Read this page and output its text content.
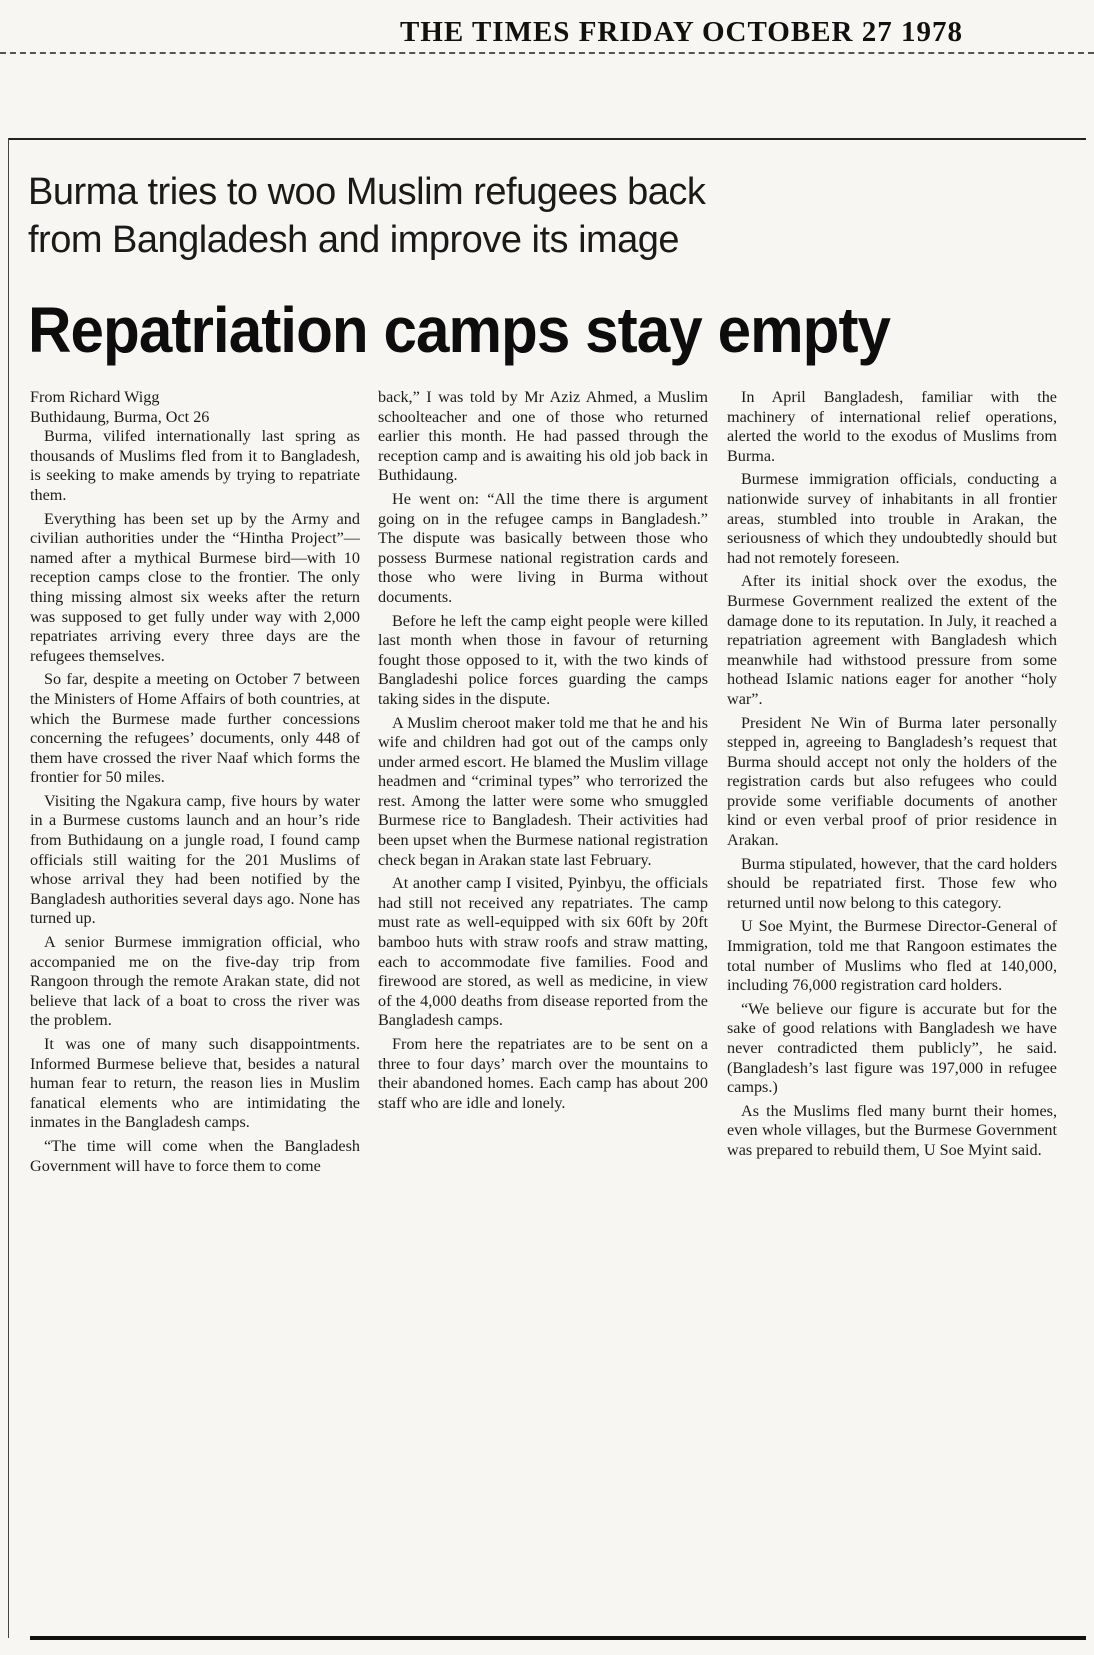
THE TIMES FRIDAY OCTOBER 27 1978
Burma tries to woo Muslim refugees back
from Bangladesh and improve its image
Repatriation camps stay empty
From Richard Wigg
Buthidaung, Burma, Oct 26

Burma, vilifed internationally last spring as thousands of Muslims fled from it to Bangladesh, is seeking to make amends by trying to repatriate them.

Everything has been set up by the Army and civilian authorities under the “Hintha Project”—named after a mythical Burmese bird—with 10 reception camps close to the frontier. The only thing missing almost six weeks after the return was supposed to get fully under way with 2,000 repatriates arriving every three days are the refugees themselves.

So far, despite a meeting on October 7 between the Ministers of Home Affairs of both countries, at which the Burmese made further concessions concerning the refugees’ documents, only 448 of them have crossed the river Naaf which forms the frontier for 50 miles.

Visiting the Ngakura camp, five hours by water in a Burmese customs launch and an hour’s ride from Buthidaung on a jungle road, I found camp officials still waiting for the 201 Muslims of whose arrival they had been notified by the Bangladesh authorities several days ago. None has turned up.

A senior Burmese immigration official, who accompanied me on the five-day trip from Rangoon through the remote Arakan state, did not believe that lack of a boat to cross the river was the problem.

It was one of many such disappointments. Informed Burmese believe that, besides a natural human fear to return, the reason lies in Muslim fanatical elements who are intimidating the inmates in the Bangladesh camps.

“The time will come when the Bangladesh Government will have to force them to come

back,” I was told by Mr Aziz Ahmed, a Muslim schoolteacher and one of those who returned earlier this month. He had passed through the reception camp and is awaiting his old job back in Buthidaung.

He went on: “All the time there is argument going on in the refugee camps in Bangladesh.” The dispute was basically between those who possess Burmese national registration cards and those who were living in Burma without documents.

Before he left the camp eight people were killed last month when those in favour of returning fought those opposed to it, with the two kinds of Bangladeshi police forces guarding the camps taking sides in the dispute.

A Muslim cheroot maker told me that he and his wife and children had got out of the camps only under armed escort. He blamed the Muslim village headmen and “criminal types” who terrorized the rest. Among the latter were some who smuggled Burmese rice to Bangladesh. Their activities had been upset when the Burmese national registration check began in Arakan state last February.

At another camp I visited, Pyinbyu, the officials had still not received any repatriates. The camp must rate as well-equipped with six 60ft by 20ft bamboo huts with straw roofs and straw matting, each to accommodate five families. Food and firewood are stored, as well as medicine, in view of the 4,000 deaths from disease reported from the Bangladesh camps.

From here the repatriates are to be sent on a three to four days’ march over the mountains to their abandoned homes. Each camp has about 200 staff who are idle and lonely.

In April Bangladesh, familiar with the machinery of international relief operations, alerted the world to the exodus of Muslims from Burma.

Burmese immigration officials, conducting a nationwide survey of inhabitants in all frontier areas, stumbled into trouble in Arakan, the seriousness of which they undoubtedly should but had not remotely foreseen.

After its initial shock over the exodus, the Burmese Government realized the extent of the damage done to its reputation. In July, it reached a repatriation agreement with Bangladesh which meanwhile had withstood pressure from some hothead Islamic nations eager for another “holy war”.

President Ne Win of Burma later personally stepped in, agreeing to Bangladesh’s request that Burma should accept not only the holders of the registration cards but also refugees who could provide some verifiable documents of another kind or even verbal proof of prior residence in Arakan.

Burma stipulated, however, that the card holders should be repatriated first. Those few who returned until now belong to this category.

U Soe Myint, the Burmese Director-General of Immigration, told me that Rangoon estimates the total number of Muslims who fled at 140,000, including 76,000 registration card holders.

“We believe our figure is accurate but for the sake of good relations with Bangladesh we have never contradicted them publicly”, he said. (Bangladesh’s last figure was 197,000 in refugee camps.)

As the Muslims fled many burnt their homes, even whole villages, but the Burmese Government was prepared to rebuild them, U Soe Myint said.
